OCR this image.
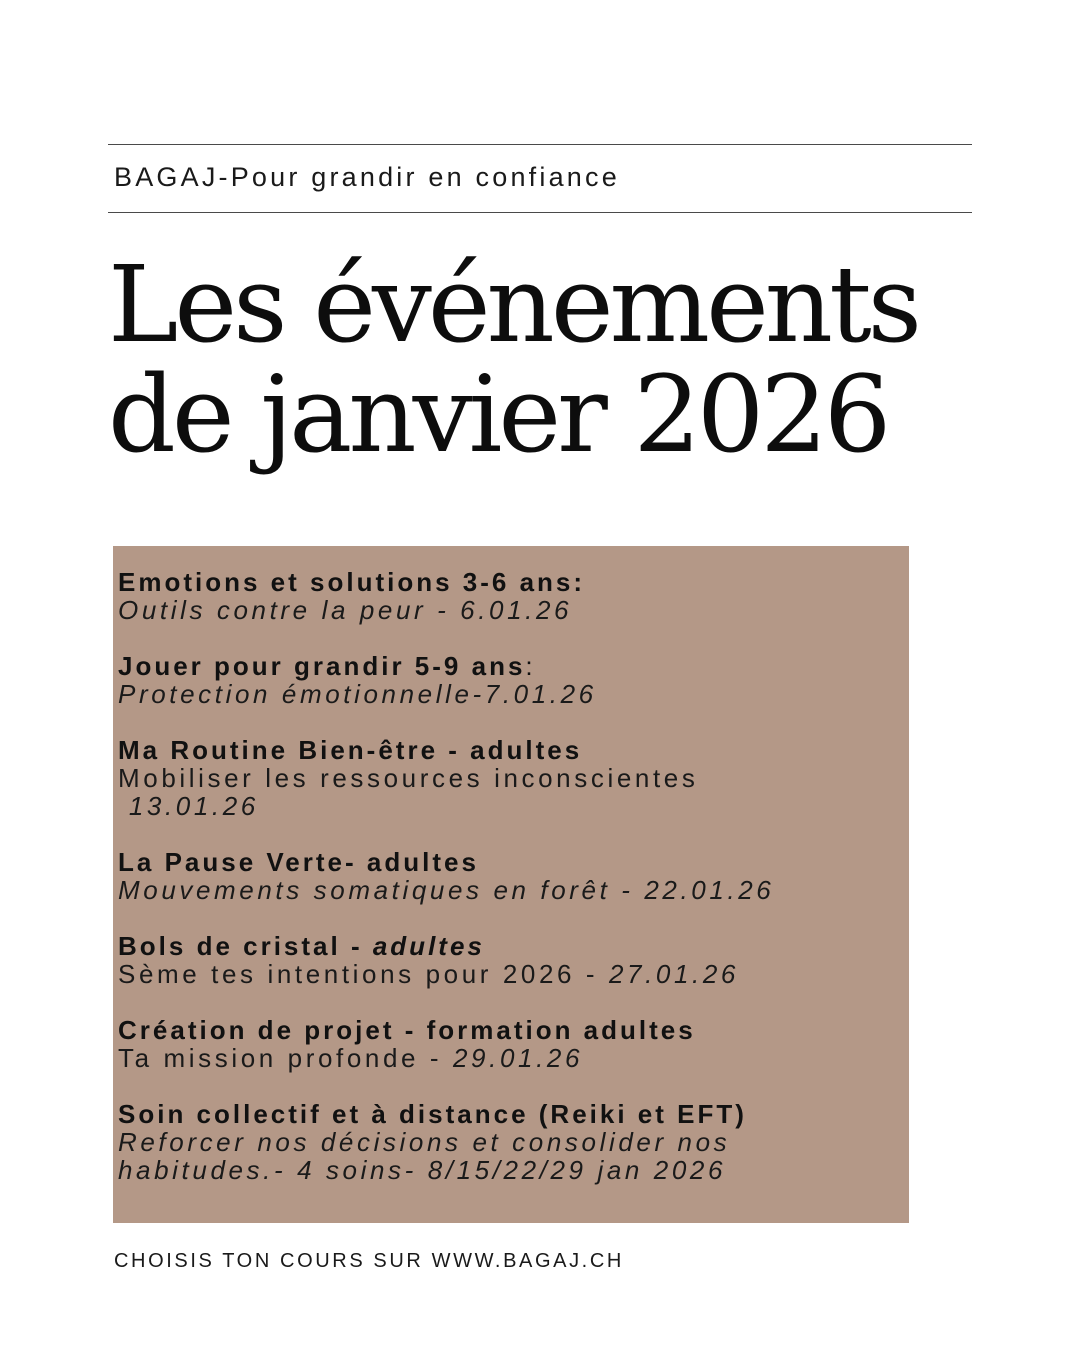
BAGAJ-Pour grandir en confiance
Les événements
de janvier 2026
Emotions et solutions 3-6 ans:
Outils contre la peur - 6.01.26
Jouer pour grandir 5-9 ans:
Protection émotionnelle-7.01.26
Ma Routine Bien-être - adultes
Mobiliser les ressources inconscientes
13.01.26
La Pause Verte- adultes
Mouvements somatiques en forêt - 22.01.26
Bols de cristal - adultes
Sème tes intentions pour 2026 - 27.01.26
Création de projet - formation adultes
Ta mission profonde - 29.01.26
Soin collectif et à distance (Reiki et EFT)
Reforcer nos décisions et consolider nos
habitudes.- 4 soins- 8/15/22/29 jan 2026
CHOISIS TON COURS SUR WWW.BAGAJ.CH
